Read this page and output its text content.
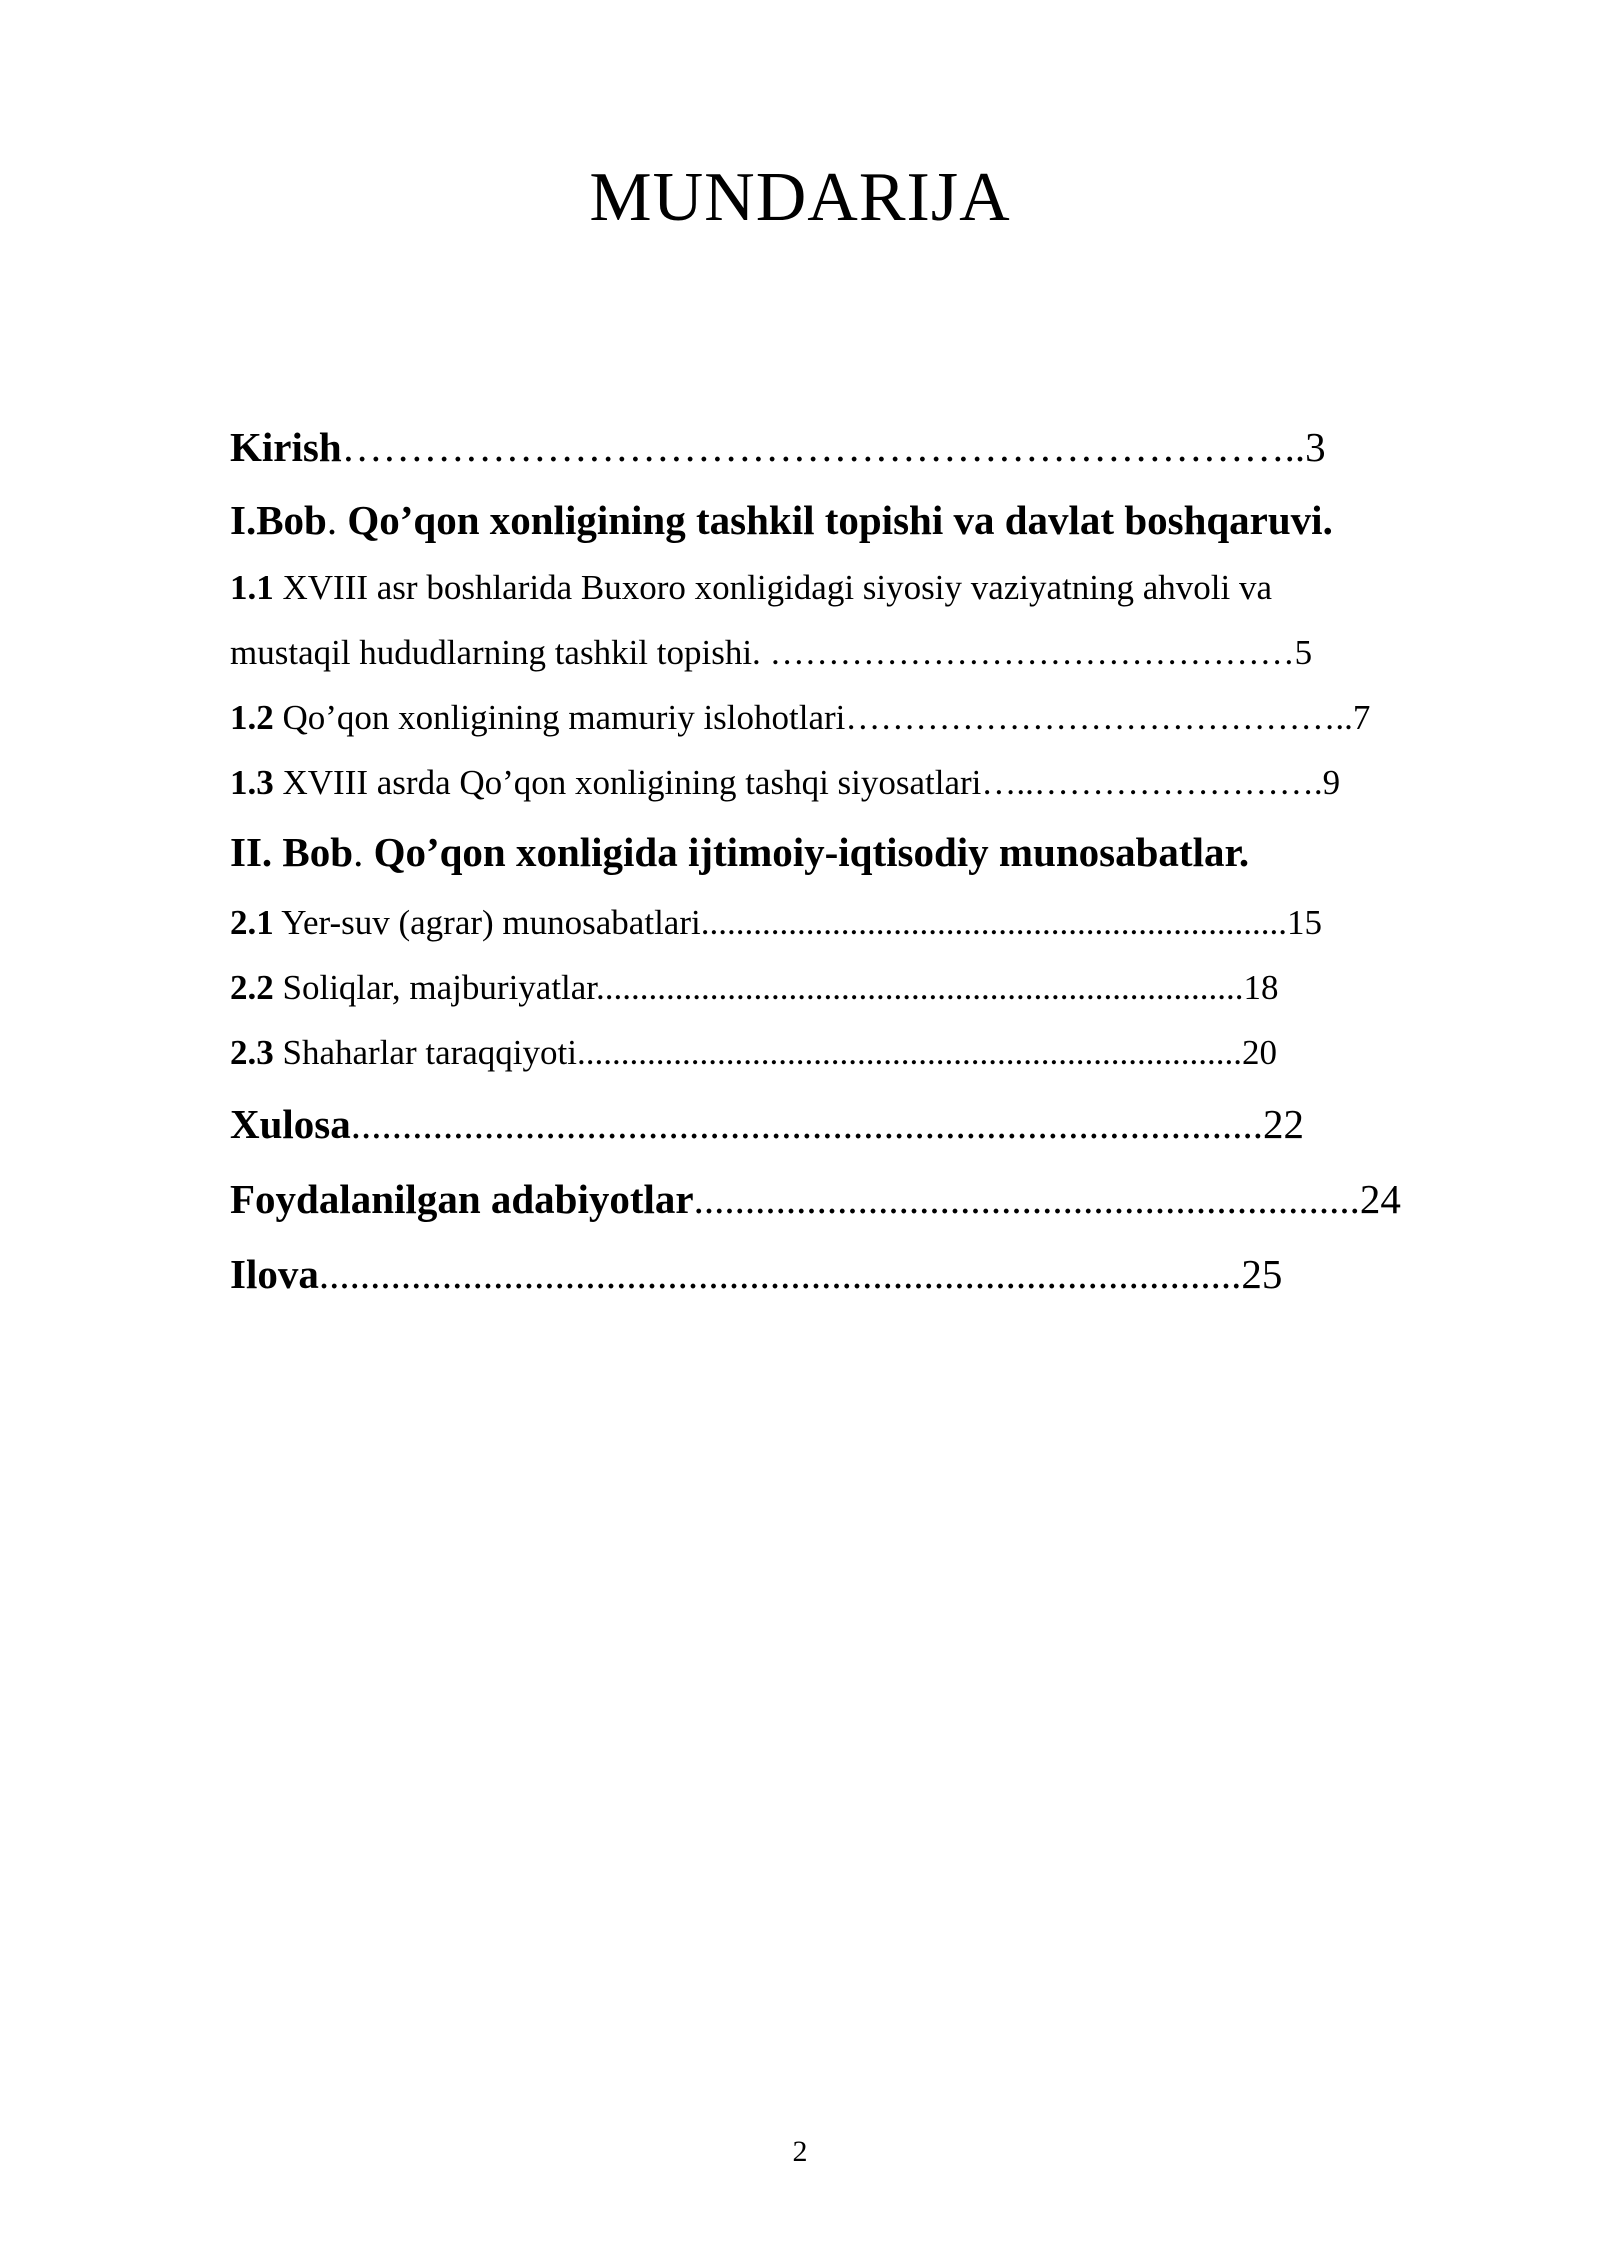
MUNDARIJA
Kirish……………………………………………………………..3
I.Bob. Qo’qon xonligining tashkil topishi va davlat boshqaruvi.
1.1 XVIII asr boshlarida Buxoro xonligidagi siyosiy vaziyatning ahvoli va
mustaqil hududlarning tashkil topishi. ………………………………………5
1.2 Qo’qon xonligining mamuriy islohotlari……………………………………..7
1.3 XVIII asrda Qo’qon xonligining tashqi siyosatlari…..…………………….9
II. Bob. Qo’qon xonligida ijtimoiy-iqtisodiy munosabatlar.
2.1 Yer-suv (agrar) munosabatlari...................................................................15
2.2 Soliqlar, majburiyatlar..........................................................................18
2.3 Shaharlar taraqqiyoti............................................................................20
Xulosa.........................................................................................22
Foydalanilgan adabiyotlar.................................................................24
Ilova..........................................................................................25
2
